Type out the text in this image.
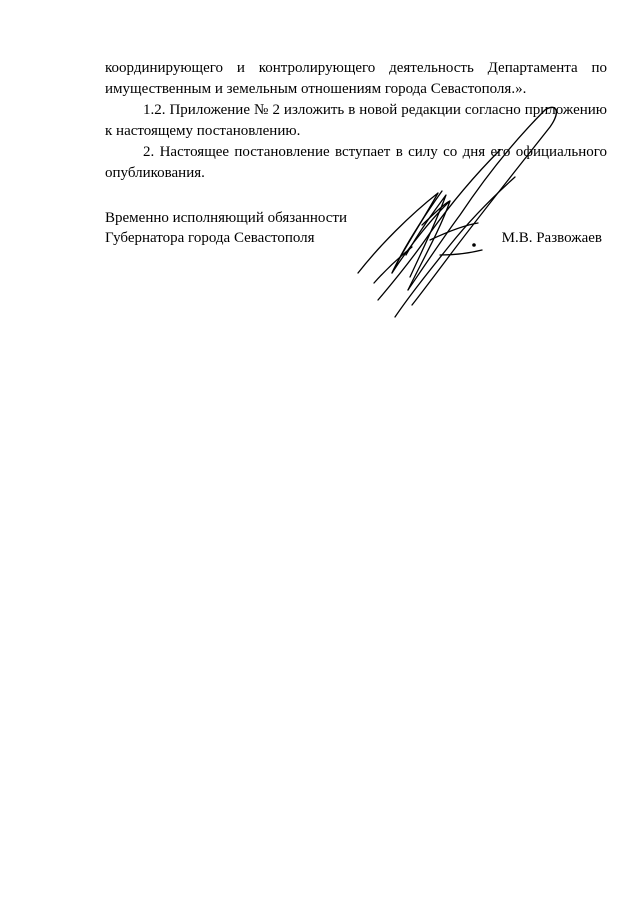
координирующего и контролирующего деятельность Департамента по имущественным и земельным отношениям города Севастополя.».

1.2. Приложение № 2 изложить в новой редакции согласно приложению к настоящему постановлению.

2. Настоящее постановление вступает в силу со дня его официального опубликования.

Временно исполняющий обязанности

Губернатора города Севастополя	М.В. Развожаев
